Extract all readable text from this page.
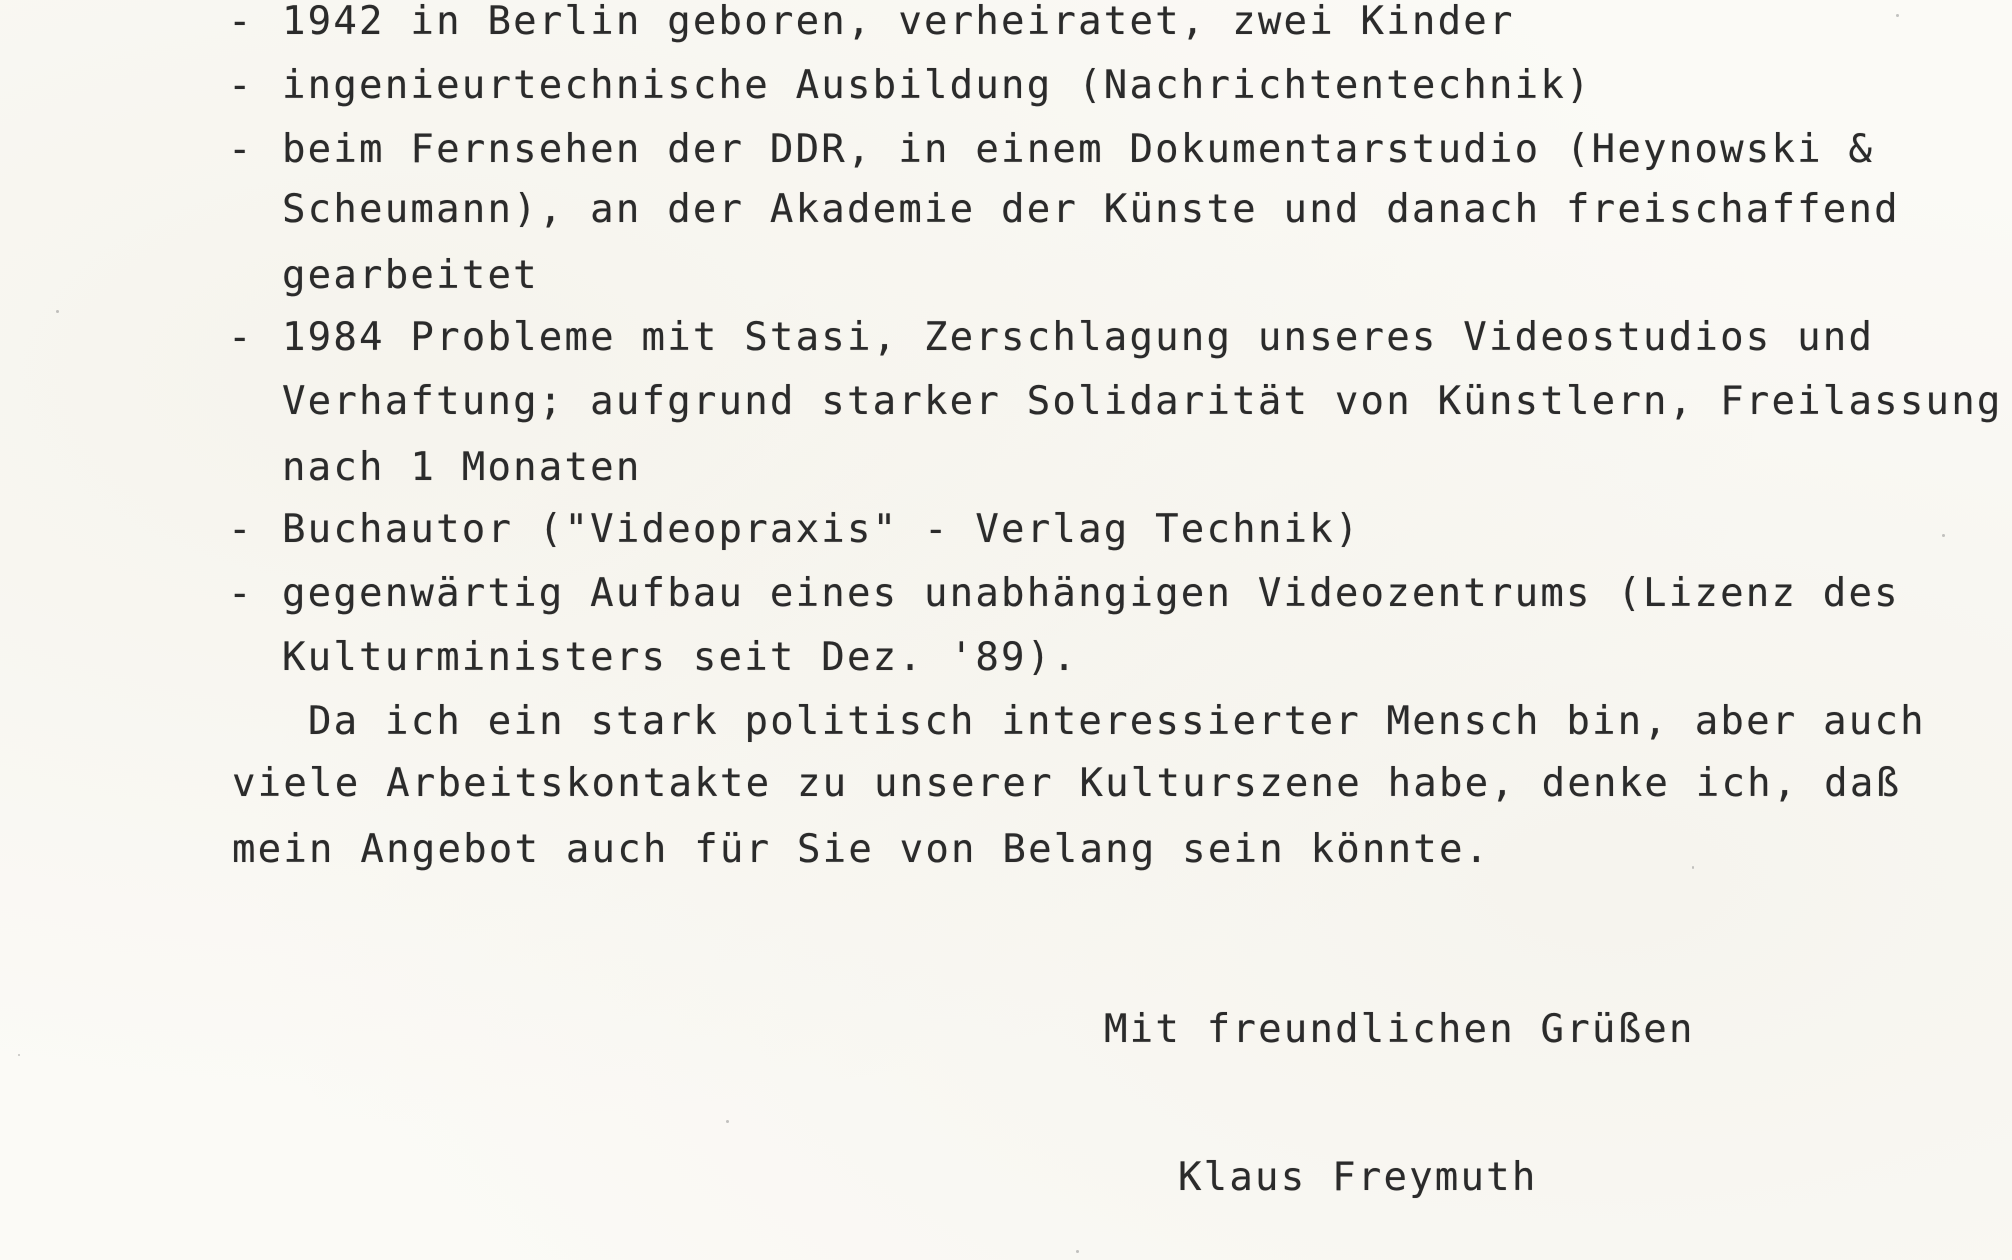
- 1942 in Berlin geboren, verheiratet, zwei Kinder
- ingenieurtechnische Ausbildung (Nachrichtentechnik)
- beim Fernsehen der DDR, in einem Dokumentarstudio (Heynowski &
Scheumann), an der Akademie der Künste und danach freischaffend
gearbeitet
- 1984 Probleme mit Stasi, Zerschlagung unseres Videostudios und
Verhaftung; aufgrund starker Solidarität von Künstlern, Freilassung
nach 1 Monaten
- Buchautor ("Videopraxis" - Verlag Technik)
- gegenwärtig Aufbau eines unabhängigen Videozentrums (Lizenz des
Kulturministers seit Dez. '89).
Da ich ein stark politisch interessierter Mensch bin, aber auch
viele Arbeitskontakte zu unserer Kulturszene habe, denke ich, daß
mein Angebot auch für Sie von Belang sein könnte.
Mit freundlichen Grüßen
Klaus Freymuth
